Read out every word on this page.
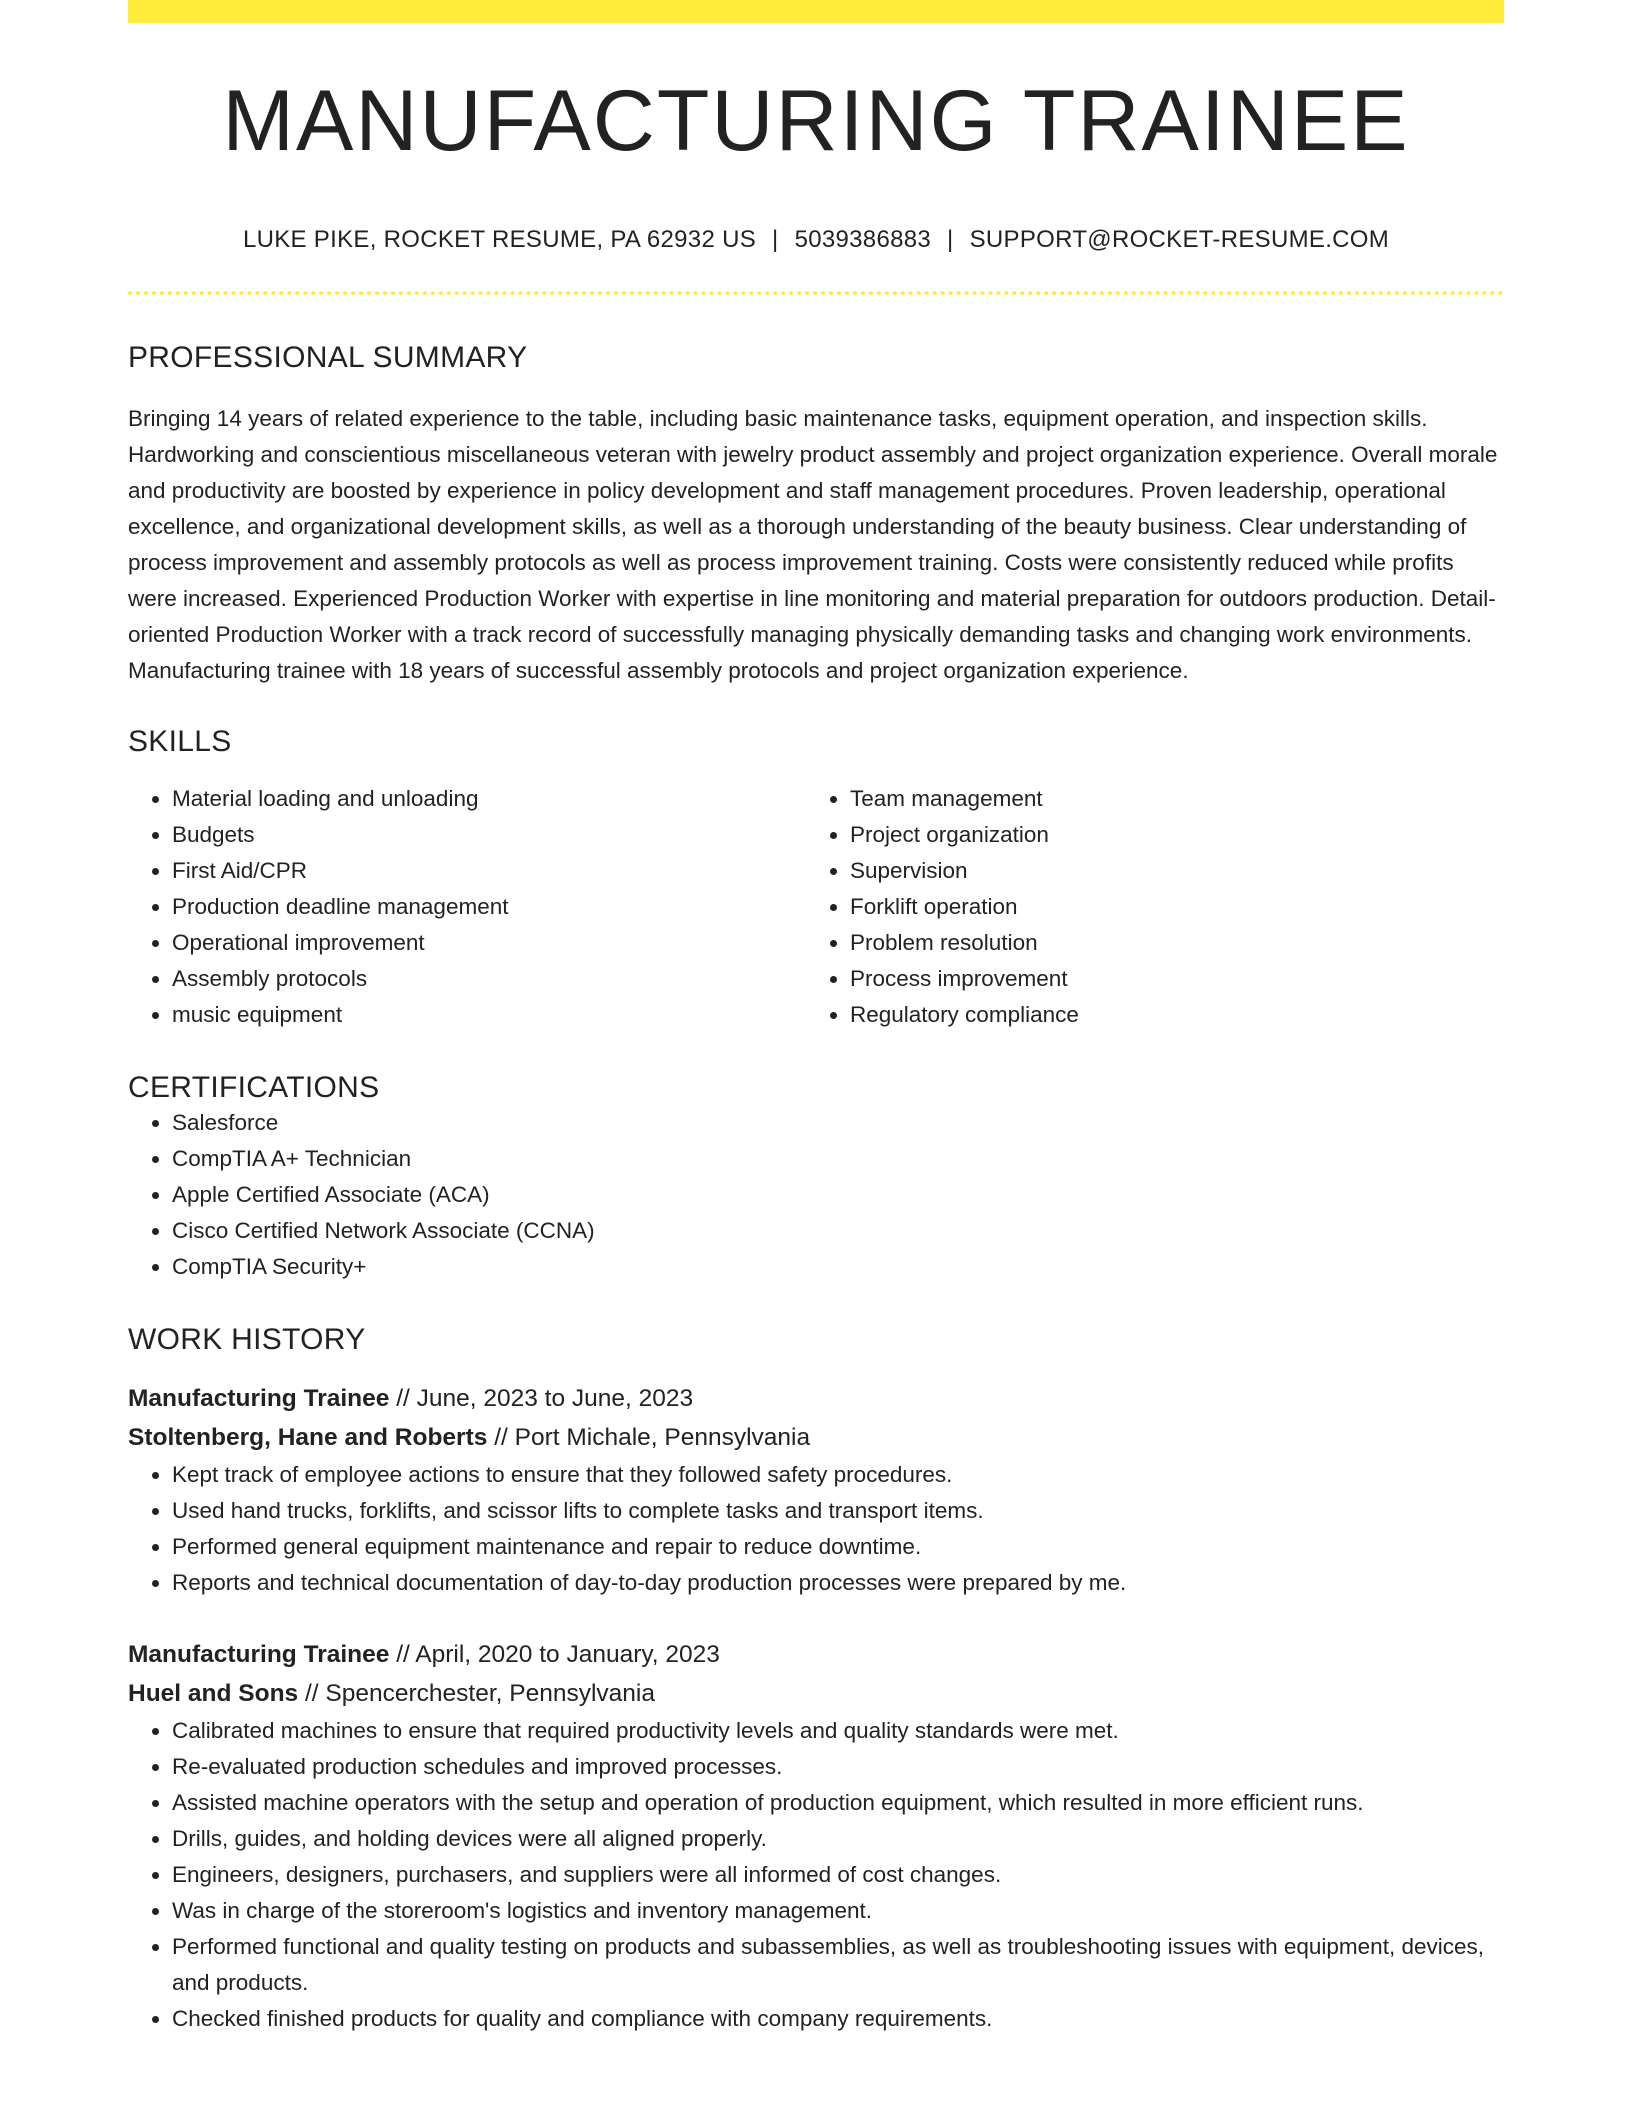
MANUFACTURING TRAINEE
LUKE PIKE, ROCKET RESUME, PA 62932 US | 5039386883 | SUPPORT@ROCKET-RESUME.COM
PROFESSIONAL SUMMARY
Bringing 14 years of related experience to the table, including basic maintenance tasks, equipment operation, and inspection skills. Hardworking and conscientious miscellaneous veteran with jewelry product assembly and project organization experience. Overall morale and productivity are boosted by experience in policy development and staff management procedures. Proven leadership, operational excellence, and organizational development skills, as well as a thorough understanding of the beauty business. Clear understanding of process improvement and assembly protocols as well as process improvement training. Costs were consistently reduced while profits were increased. Experienced Production Worker with expertise in line monitoring and material preparation for outdoors production. Detail-oriented Production Worker with a track record of successfully managing physically demanding tasks and changing work environments. Manufacturing trainee with 18 years of successful assembly protocols and project organization experience.
SKILLS
• Material loading and unloading
• Budgets
• First Aid/CPR
• Production deadline management
• Operational improvement
• Assembly protocols
• music equipment
• Team management
• Project organization
• Supervision
• Forklift operation
• Problem resolution
• Process improvement
• Regulatory compliance
CERTIFICATIONS
• Salesforce
• CompTIA A+ Technician
• Apple Certified Associate (ACA)
• Cisco Certified Network Associate (CCNA)
• CompTIA Security+
WORK HISTORY
Manufacturing Trainee // June, 2023 to June, 2023
Stoltenberg, Hane and Roberts // Port Michale, Pennsylvania
• Kept track of employee actions to ensure that they followed safety procedures.
• Used hand trucks, forklifts, and scissor lifts to complete tasks and transport items.
• Performed general equipment maintenance and repair to reduce downtime.
• Reports and technical documentation of day-to-day production processes were prepared by me.
Manufacturing Trainee // April, 2020 to January, 2023
Huel and Sons // Spencerchester, Pennsylvania
• Calibrated machines to ensure that required productivity levels and quality standards were met.
• Re-evaluated production schedules and improved processes.
• Assisted machine operators with the setup and operation of production equipment, which resulted in more efficient runs.
• Drills, guides, and holding devices were all aligned properly.
• Engineers, designers, purchasers, and suppliers were all informed of cost changes.
• Was in charge of the storeroom's logistics and inventory management.
• Performed functional and quality testing on products and subassemblies, as well as troubleshooting issues with equipment, devices, and products.
• Checked finished products for quality and compliance with company requirements.
